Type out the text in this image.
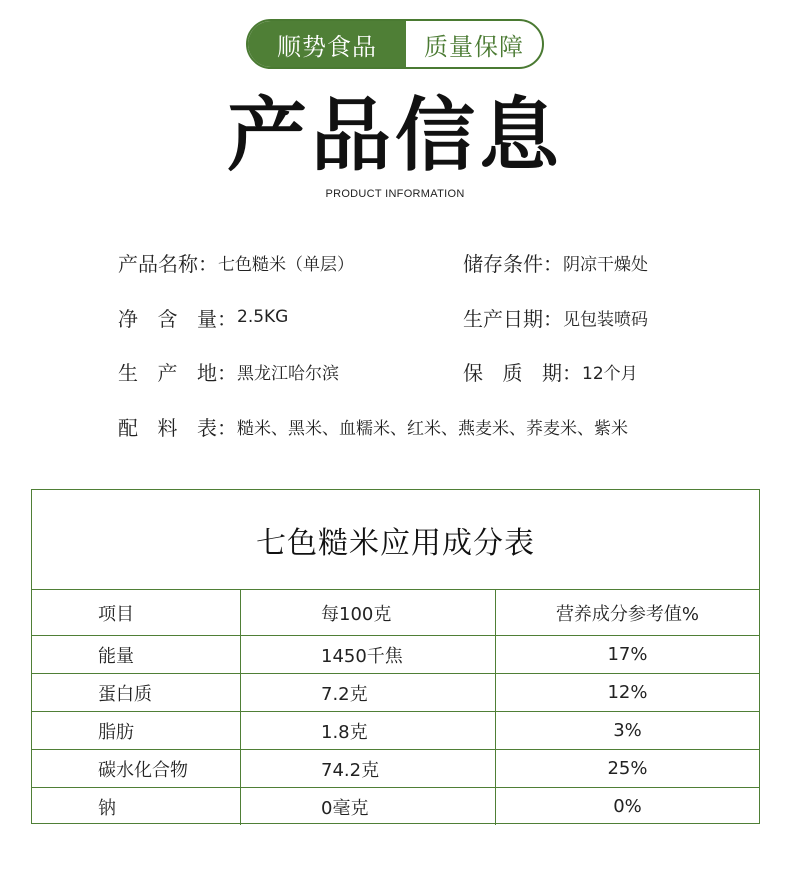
顺势食品	质量保障
产品信息
PRODUCT INFORMATION
产品名称： 七色糙米（单层）	储存条件： 阴凉干燥处
净 含 量 ： 2.5KG	生产日期： 见包装喷码
生 产 地 ： 黑龙江哈尔滨	保 质 期 ： 12个月
配 料 表 ： 糙米、黑米、血糯米、红米、燕麦米、荞麦米、紫米
七色糙米应用成分表
项目	每100克	营养成分参考值%
能量	1450千焦	17%
蛋白质	7.2克	12%
脂肪	1.8克	3%
碳水化合物	74.2克	25%
钠	0毫克	0%
